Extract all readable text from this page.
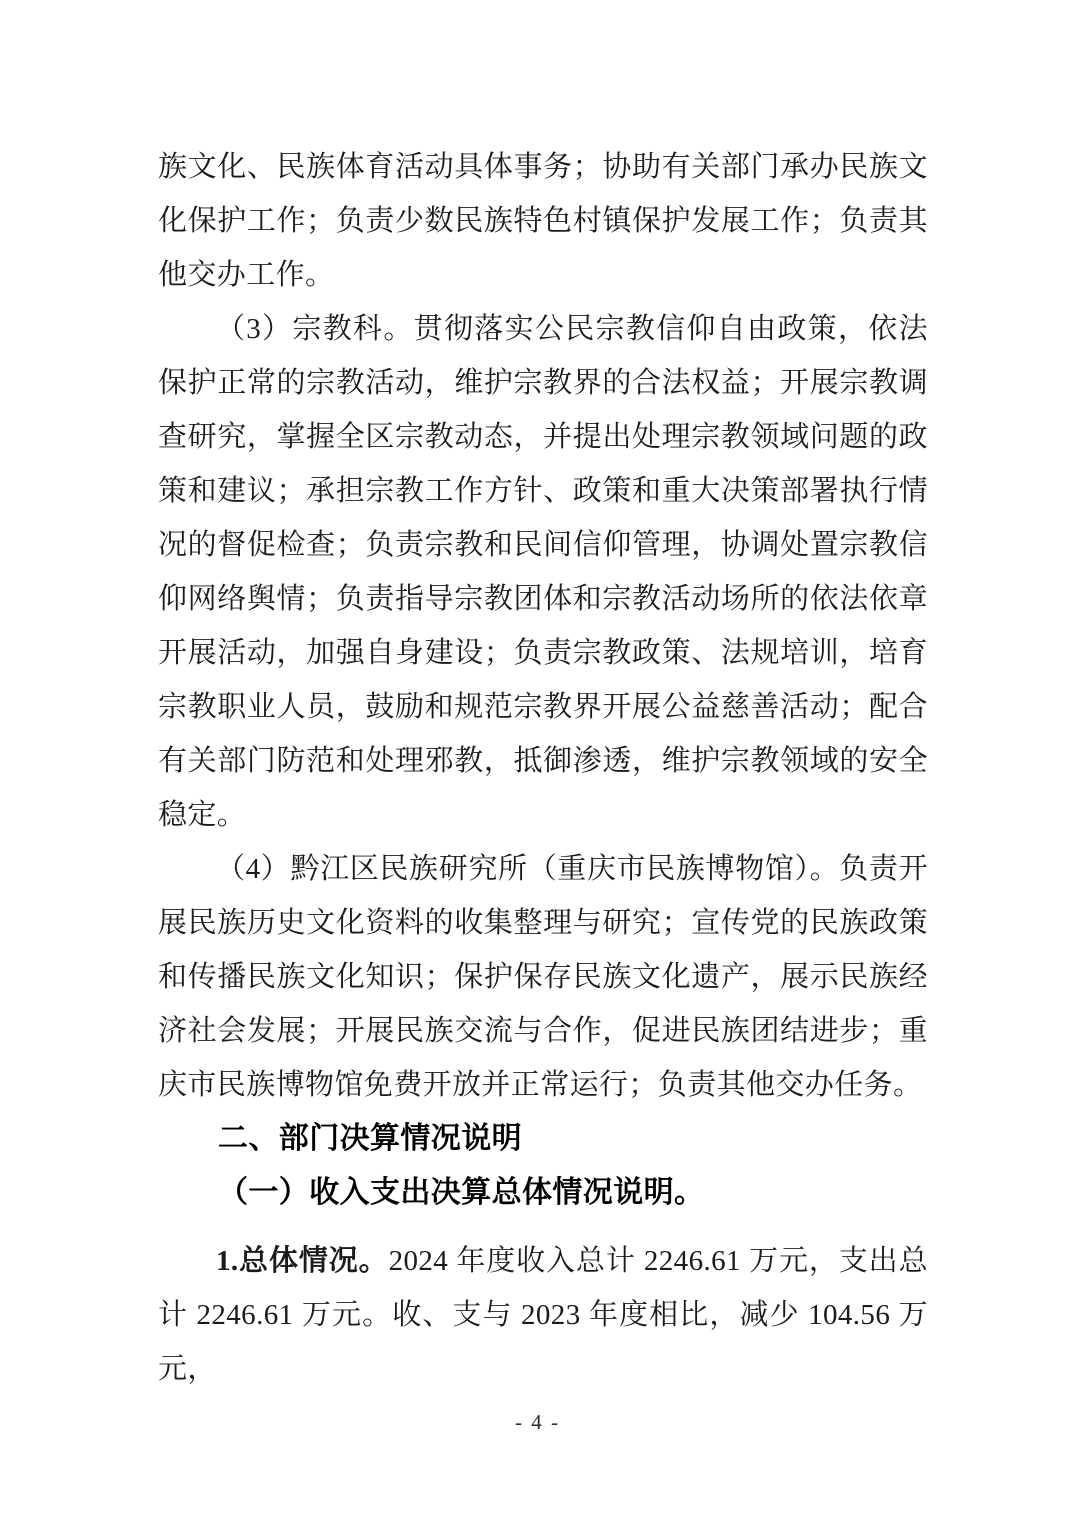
族文化、民族体育活动具体事务；协助有关部门承办民族文化保护工作；负责少数民族特色村镇保护发展工作；负责其他交办工作。

（3）宗教科。贯彻落实公民宗教信仰自由政策，依法保护正常的宗教活动，维护宗教界的合法权益；开展宗教调查研究，掌握全区宗教动态，并提出处理宗教领域问题的政策和建议；承担宗教工作方针、政策和重大决策部署执行情况的督促检查；负责宗教和民间信仰管理，协调处置宗教信仰网络舆情；负责指导宗教团体和宗教活动场所的依法依章开展活动，加强自身建设；负责宗教政策、法规培训，培育宗教职业人员，鼓励和规范宗教界开展公益慈善活动；配合有关部门防范和处理邪教，抵御渗透，维护宗教领域的安全稳定。

（4）黔江区民族研究所（重庆市民族博物馆）。负责开展民族历史文化资料的收集整理与研究；宣传党的民族政策和传播民族文化知识；保护保存民族文化遗产，展示民族经济社会发展；开展民族交流与合作，促进民族团结进步；重庆市民族博物馆免费开放并正常运行；负责其他交办任务。

二、部门决算情况说明
（一）收入支出决算总体情况说明。

1.总体情况。2024 年度收入总计 2246.61 万元，支出总计 2246.61 万元。收、支与 2023 年度相比，减少 104.56 万元，

- 4 -
